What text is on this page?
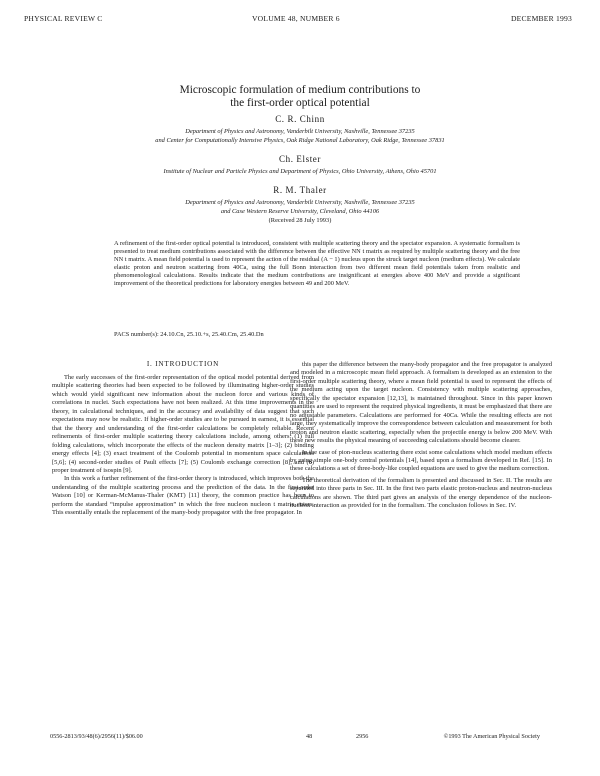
PHYSICAL REVIEW C	VOLUME 48, NUMBER 6	DECEMBER 1993
Microscopic formulation of medium contributions to
the first-order optical potential
C. R. Chinn
Department of Physics and Astronomy, Vanderbilt University, Nashville, Tennessee 37235
and Center for Computationally Intensive Physics, Oak Ridge National Laboratory, Oak Ridge, Tennessee 37831
Ch. Elster
Institute of Nuclear and Particle Physics and Department of Physics, Ohio University, Athens, Ohio 45701
R. M. Thaler
Department of Physics and Astronomy, Vanderbilt University, Nashville, Tennessee 37235
and Case Western Reserve University, Cleveland, Ohio 44106
(Received 28 July 1993)
A refinement of the first-order optical potential is introduced, consistent with multiple scattering theory and the spectator expansion. A systematic formalism is presented to treat medium contributions associated with the difference between the effective NN t matrix as required by multiple scattering theory and the free NN t matrix. A mean field potential is used to represent the action of the residual (A − 1) nucleus upon the struck target nucleon (medium effects). We calculate elastic proton and neutron scattering from 40Ca, using the full Bonn interaction from two different mean field potentials taken from realistic and phenomenological calculations. Results indicate that the medium contributions are insignificant at energies above 400 MeV and provide a significant improvement of the theoretical predictions for laboratory energies between 49 and 200 MeV.
PACS number(s): 24.10.Cn, 25.10.+s, 25.40.Cm, 25.40.Dn
I. INTRODUCTION

The early successes of the first-order representation of the optical model potential derived from multiple scattering theories had been expected to be followed by illuminating higher-order studies which would yield significant new information about the nucleon force and various kinds of correlations in nuclei. Such expectations have not been realized. At this time improvements in the theory, in calculational techniques, and in the accuracy and availability of data suggest that such expectations may now be realistic. If higher-order studies are to be pursued in earnest, it is essential that the theory and understanding of the first-order calculations be completely reliable. Recent refinements of first-order multiple scattering theory calculations include, among others: (1) full folding calculations, which incorporate the effects of the nucleon density matrix [1–3]; (2) binding energy effects [4]; (3) exact treatment of the Coulomb potential in momentum space calculations [5,6]; (4) second-order studies of Pauli effects [7]; (5) Coulomb exchange correction [8]; and (6) proper treatment of isospin [9].

In this work a further refinement of the first-order theory is introduced, which improves both the understanding of the multiple scattering process and the prediction of the data. In the first-order Watson [10] or Kerman-McManus-Thaler (KMT) [11] theory, the common practice has been to perform the standard “impulse approximation” in which the free nucleon nucleon t matrix enters. This essentially entails the replacement of the many-body propagator with the free propagator. In

this paper the difference between the many-body propagator and the free propagator is analyzed and modeled in a microscopic mean field approach. A formalism is developed as an extension to the first-order multiple scattering theory, where a mean field potential is used to represent the effects of the medium acting upon the target nucleon. Consistency with multiple scattering approaches, specifically the spectator expansion [12,13], is maintained throughout. Since in this paper known quantities are used to represent the required physical ingredients, it must be emphasized that there are no adjustable parameters. Calculations are performed for 40Ca. While the resulting effects are not large, they systematically improve the correspondence between calculation and measurement for both proton and neutron elastic scattering, especially when the projectile energy is below 200 MeV. With these new results the physical meaning of succeeding calculations should become clearer.

In the case of pion-nucleus scattering there exist some calculations which model medium effects by using simple one-body central potentials [14], based upon a formalism developed in Ref. [15]. In these calculations a set of three-body-like coupled equations are used to give the medium correction.

The theoretical derivation of the formalism is presented and discussed in Sec. II. The results are separated into three parts in Sec. III. In the first two parts elastic proton-nucleus and neutron-nucleus calculations are shown. The third part gives an analysis of the energy dependence of the nucleon-nucleon interaction as provided for in the formalism. The conclusion follows in Sec. IV.

0556-2813/93/48(6)/2956(11)/$06.00	48	2956	©1993 The American Physical Society
